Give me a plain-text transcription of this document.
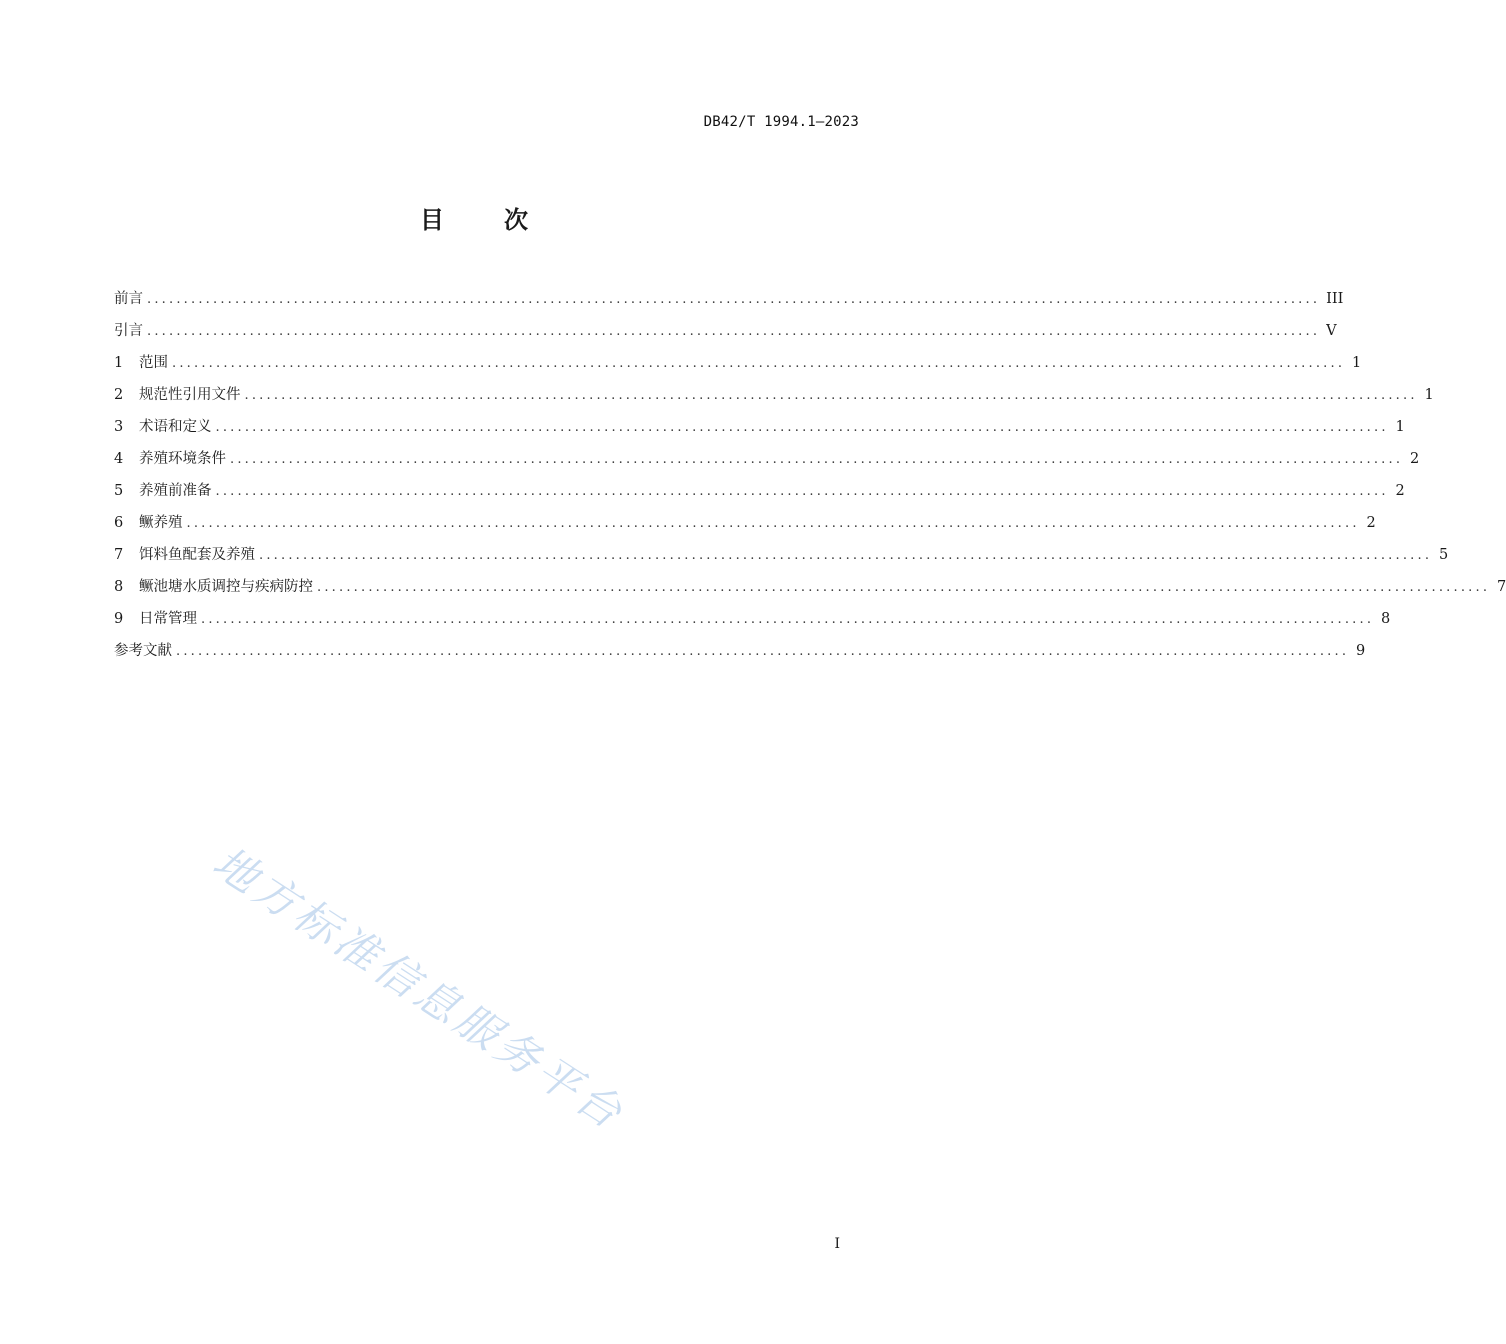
DB42/T 1994.1—2023
目 次
前言 ................................................................................................................................................................ III
引言 ................................................................................................................................................................ V
1	范围 ................................................................................................................................................................ 1
2	规范性引用文件 ................................................................................................................................................................ 1
3	术语和定义 ................................................................................................................................................................ 1
4	养殖环境条件 ................................................................................................................................................................ 2
5	养殖前准备 ................................................................................................................................................................ 2
6	鳜养殖 ................................................................................................................................................................ 2
7	饵料鱼配套及养殖 ................................................................................................................................................................ 5
8	鳜池塘水质调控与疾病防控 ................................................................................................................................................................ 7
9	日常管理 ................................................................................................................................................................ 8
参考文献 ................................................................................................................................................................ 9
地方标准信息服务平台
I
